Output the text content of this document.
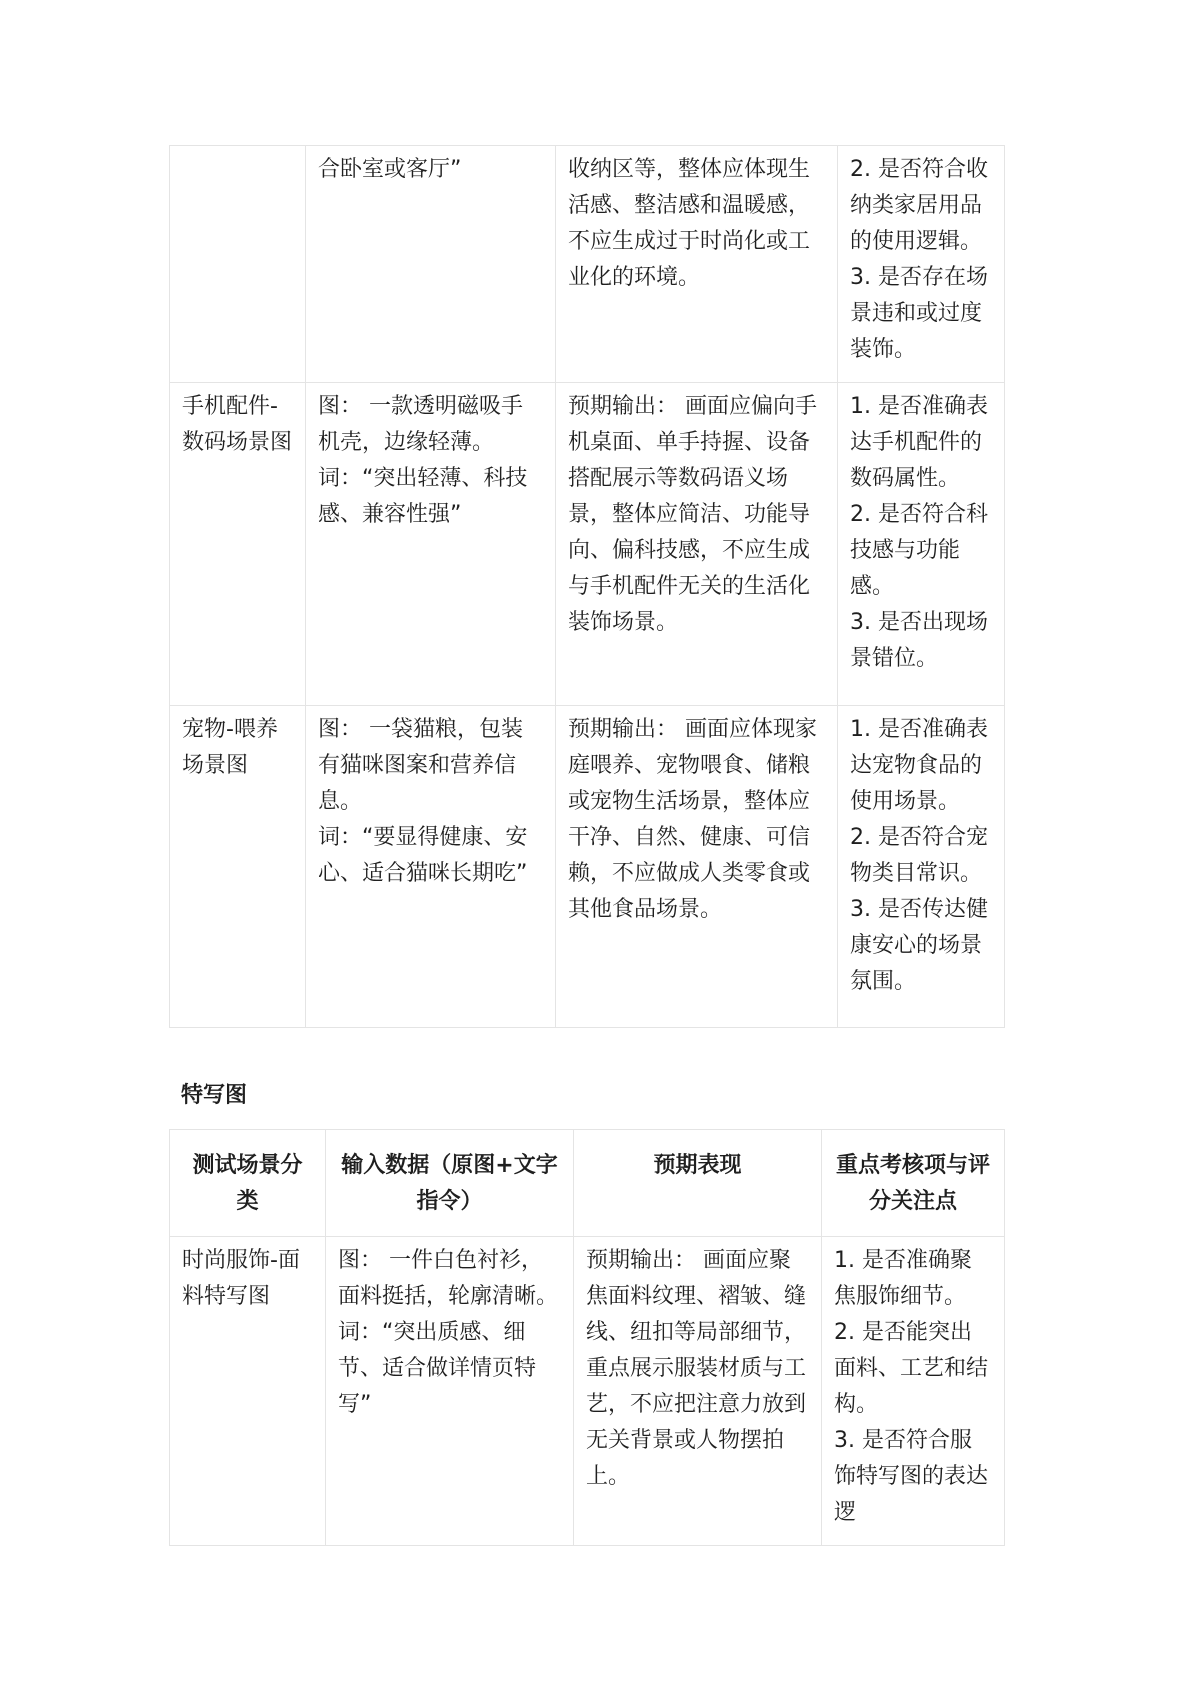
	合卧室或客厅”	收纳区等，整体应体现生活感、整洁感和温暖感，不应生成过于时尚化或工业化的环境。	2. 是否符合收纳类家居用品的使用逻辑。
3. 是否存在场景违和或过度装饰。

手机配件-数码场景图	图： 一款透明磁吸手机壳，边缘轻薄。
词：“突出轻薄、科技感、兼容性强”	预期输出： 画面应偏向手机桌面、单手持握、设备搭配展示等数码语义场景，整体应简洁、功能导向、偏科技感，不应生成与手机配件无关的生活化装饰场景。	1. 是否准确表达手机配件的数码属性。
2. 是否符合科技感与功能感。
3. 是否出现场景错位。

宠物-喂养场景图	图： 一袋猫粮，包装有猫咪图案和营养信息。
词：“要显得健康、安心、适合猫咪长期吃”	预期输出： 画面应体现家庭喂养、宠物喂食、储粮或宠物生活场景，整体应干净、自然、健康、可信赖，不应做成人类零食或其他食品场景。	1. 是否准确表达宠物食品的使用场景。
2. 是否符合宠物类目常识。
3. 是否传达健康安心的场景氛围。
特写图
测试场景分类	输入数据（原图+文字指令）	预期表现	重点考核项与评分关注点

时尚服饰-面料特写图	图： 一件白色衬衫，面料挺括，轮廓清晰。
词：“突出质感、细节、适合做详情页特写”	预期输出： 画面应聚焦面料纹理、褶皱、缝线、纽扣等局部细节，重点展示服装材质与工艺，不应把注意力放到无关背景或人物摆拍上。	1. 是否准确聚焦服饰细节。
2. 是否能突出面料、工艺和结构。
3. 是否符合服饰特写图的表达逻
